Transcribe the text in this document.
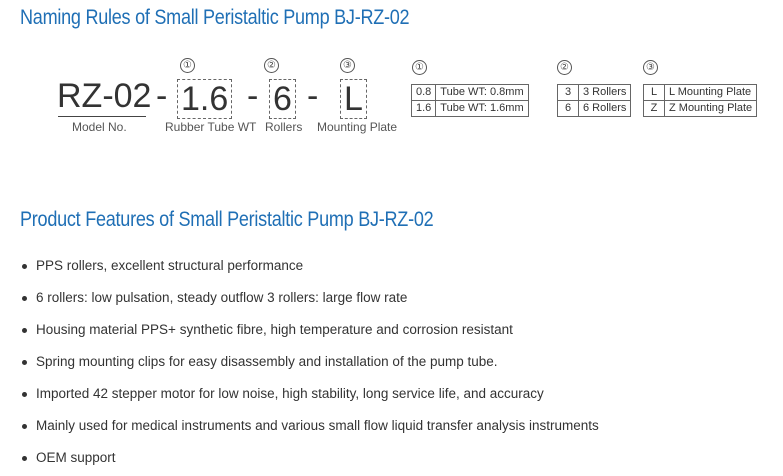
Naming Rules of Small Peristaltic Pump BJ-RZ-02
RZ-02 - 1.6 - 6 - L
①	②	③
Model No.	Rubber Tube WT Rollers Mounting Plate
①
0.8	Tube WT: 0.8mm
1.6	Tube WT: 1.6mm
②
3	3 Rollers
6	6 Rollers
③
L	L Mounting Plate
Z	Z Mounting Plate
Product Features of Small Peristaltic Pump BJ-RZ-02
PPS rollers, excellent structural performance
6 rollers: low pulsation, steady outflow 3 rollers: large flow rate
Housing material PPS+ synthetic fibre, high temperature and corrosion resistant
Spring mounting clips for easy disassembly and installation of the pump tube.
Imported 42 stepper motor for low noise, high stability, long service life, and accuracy
Mainly used for medical instruments and various small flow liquid transfer analysis instruments
OEM support
